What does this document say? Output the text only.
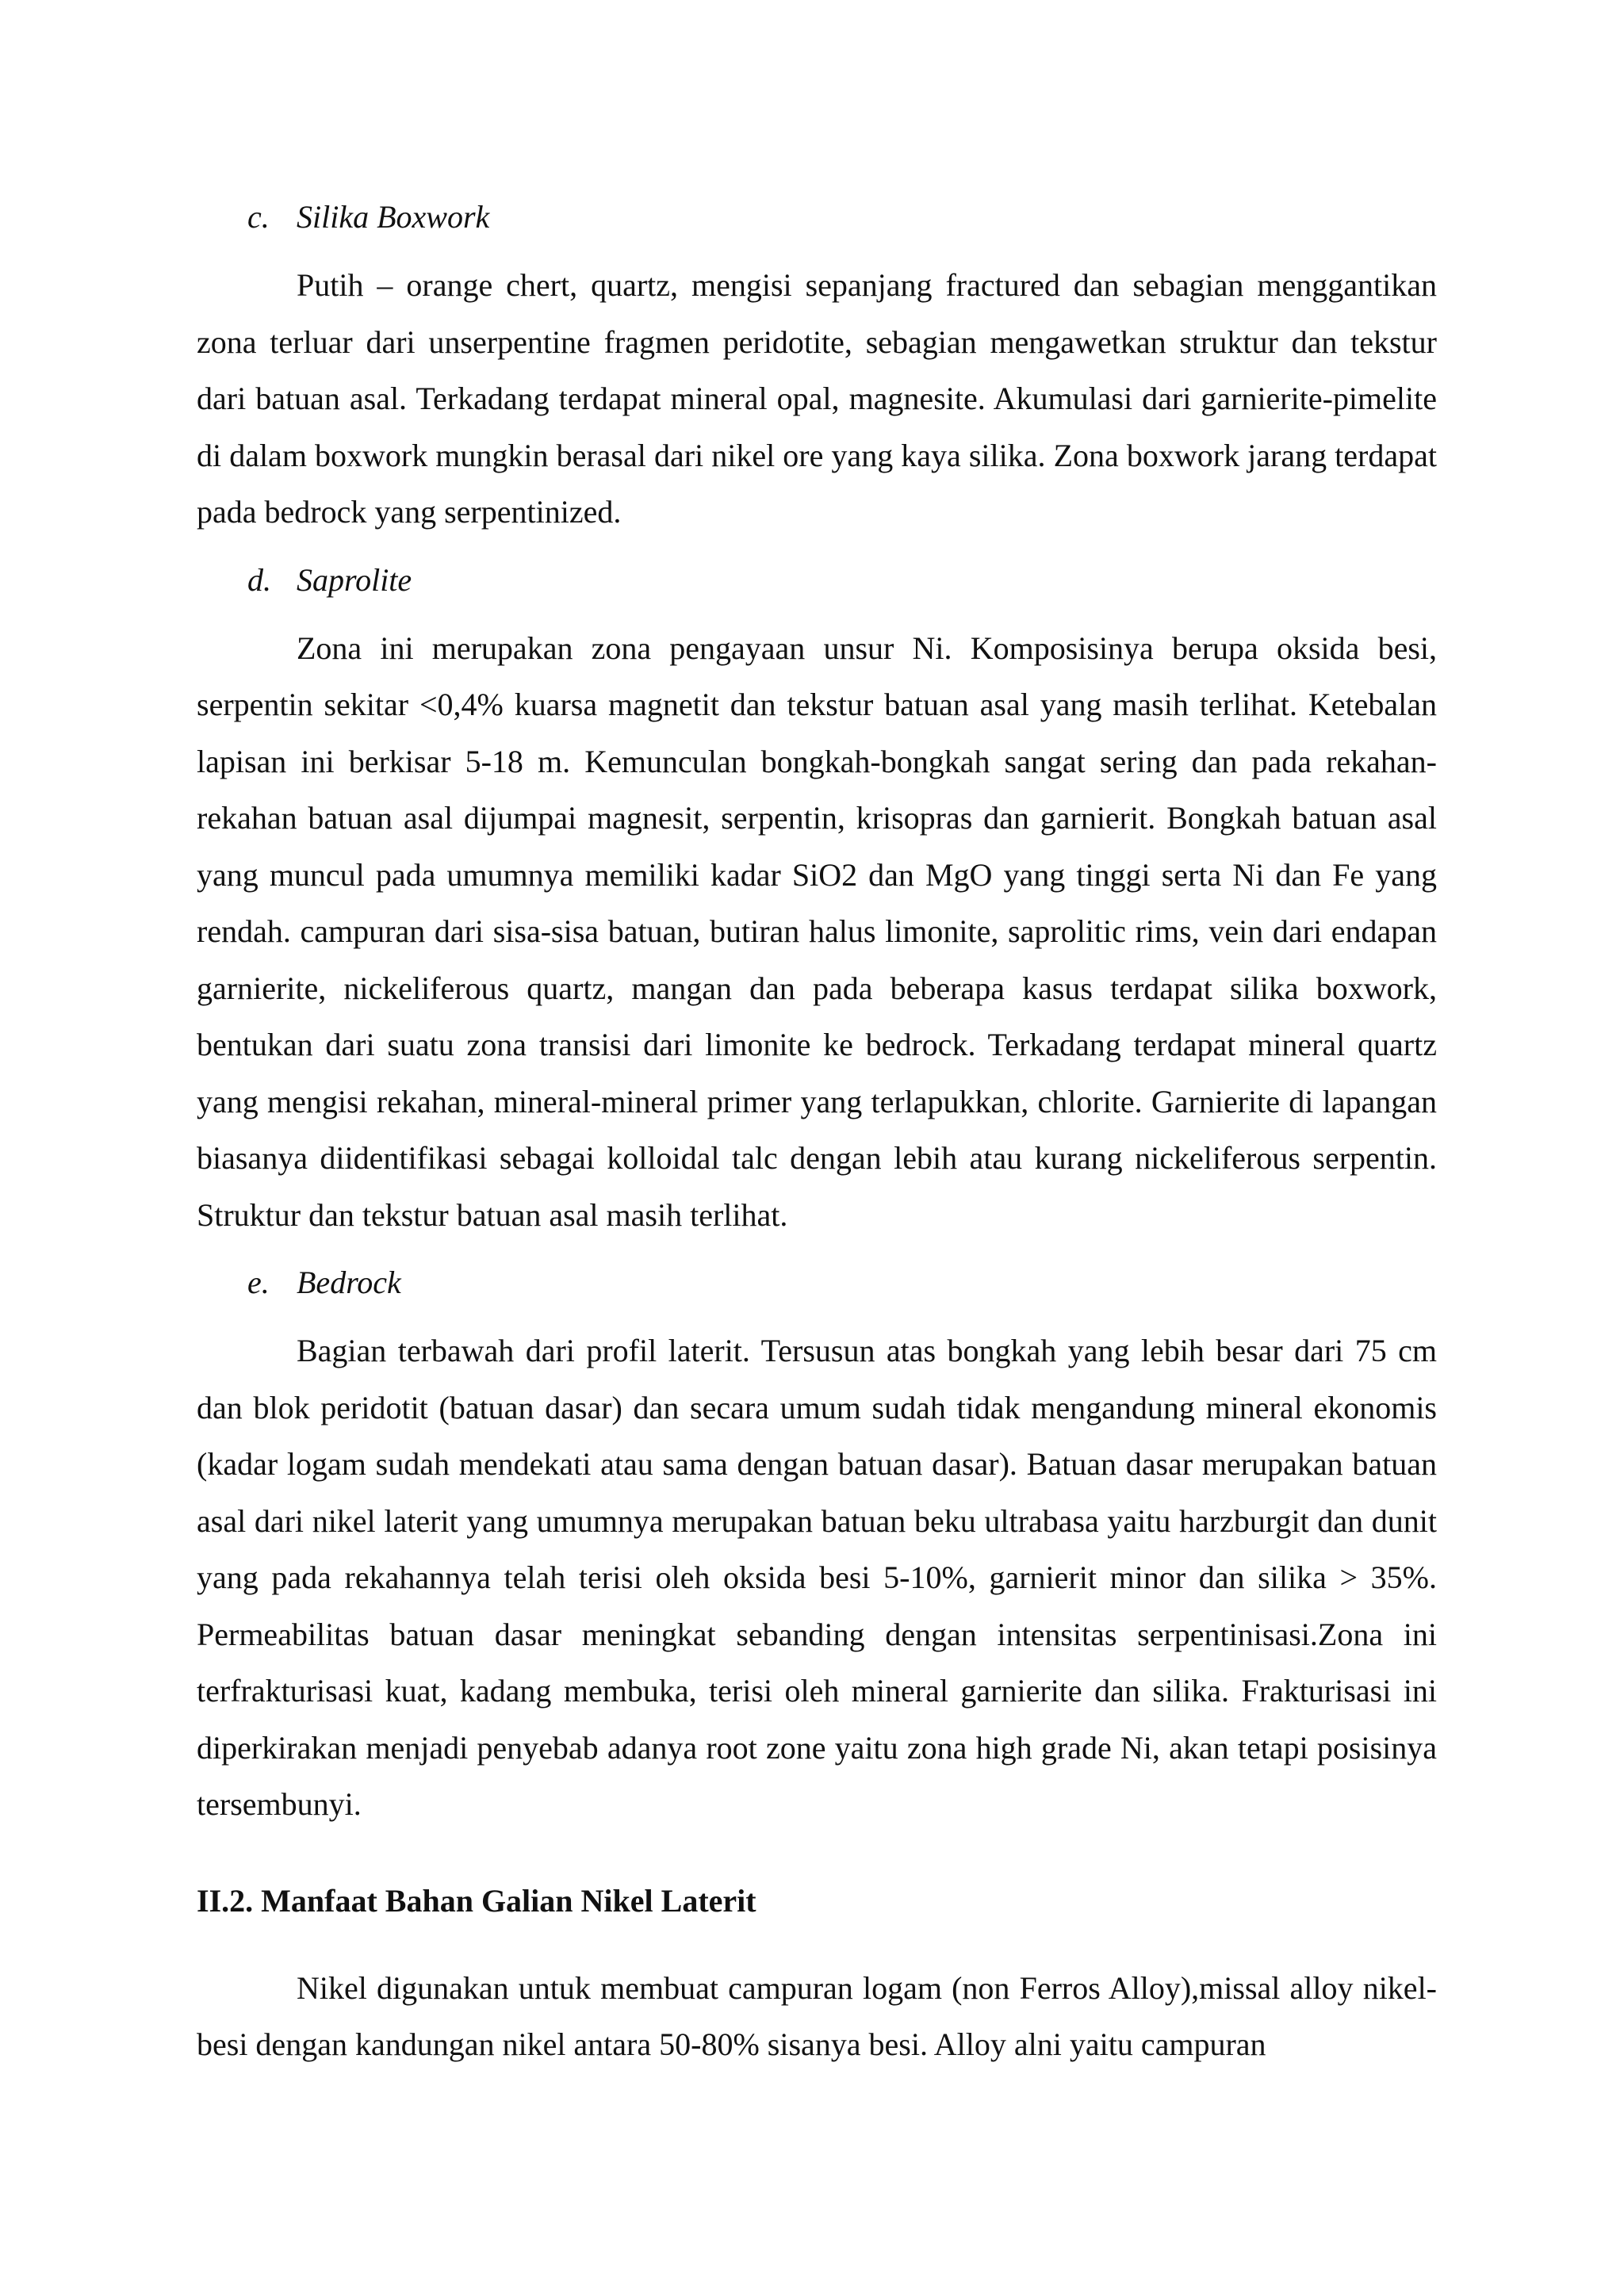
c. Silika Boxwork

Putih – orange chert, quartz, mengisi sepanjang fractured dan sebagian menggantikan zona terluar dari unserpentine fragmen peridotite, sebagian mengawetkan struktur dan tekstur dari batuan asal. Terkadang terdapat mineral opal, magnesite. Akumulasi dari garnierite-pimelite di dalam boxwork mungkin berasal dari nikel ore yang kaya silika. Zona boxwork jarang terdapat pada bedrock yang serpentinized.

d. Saprolite

Zona ini merupakan zona pengayaan unsur Ni. Komposisinya berupa oksida besi, serpentin sekitar <0,4% kuarsa magnetit dan tekstur batuan asal yang masih terlihat. Ketebalan lapisan ini berkisar 5-18 m. Kemunculan bongkah-bongkah sangat sering dan pada rekahan-rekahan batuan asal dijumpai magnesit, serpentin, krisopras dan garnierit. Bongkah batuan asal yang muncul pada umumnya memiliki kadar SiO2 dan MgO yang tinggi serta Ni dan Fe yang rendah. campuran dari sisa-sisa batuan, butiran halus limonite, saprolitic rims, vein dari endapan garnierite, nickeliferous quartz, mangan dan pada beberapa kasus terdapat silika boxwork, bentukan dari suatu zona transisi dari limonite ke bedrock. Terkadang terdapat mineral quartz yang mengisi rekahan, mineral-mineral primer yang terlapukkan, chlorite. Garnierite di lapangan biasanya diidentifikasi sebagai kolloidal talc dengan lebih atau kurang nickeliferous serpentin. Struktur dan tekstur batuan asal masih terlihat.

e. Bedrock

Bagian terbawah dari profil laterit. Tersusun atas bongkah yang lebih besar dari 75 cm dan blok peridotit (batuan dasar) dan secara umum sudah tidak mengandung mineral ekonomis (kadar logam sudah mendekati atau sama dengan batuan dasar). Batuan dasar merupakan batuan asal dari nikel laterit yang umumnya merupakan batuan beku ultrabasa yaitu harzburgit dan dunit yang pada rekahannya telah terisi oleh oksida besi 5-10%, garnierit minor dan silika > 35%. Permeabilitas batuan dasar meningkat sebanding dengan intensitas serpentinisasi.Zona ini terfrakturisasi kuat, kadang membuka, terisi oleh mineral garnierite dan silika. Frakturisasi ini diperkirakan menjadi penyebab adanya root zone yaitu zona high grade Ni, akan tetapi posisinya tersembunyi.

II.2. Manfaat Bahan Galian Nikel Laterit

Nikel digunakan untuk membuat campuran logam (non Ferros Alloy),missal alloy nikel-besi dengan kandungan nikel antara 50-80% sisanya besi. Alloy alni yaitu campuran
